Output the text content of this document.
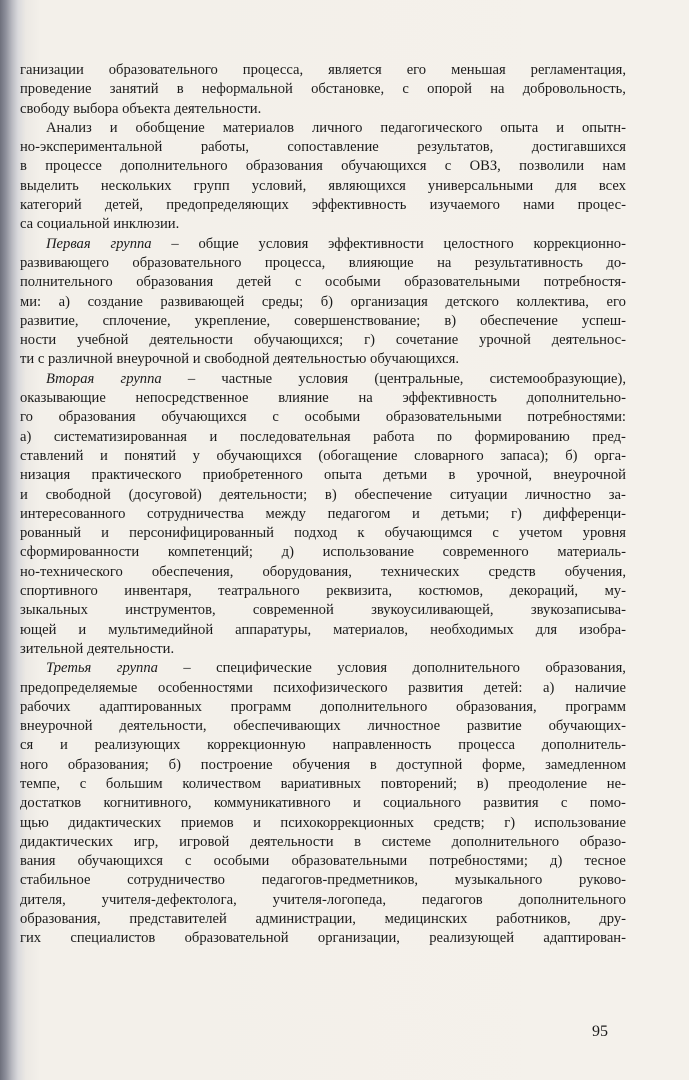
ганизации образовательного процесса, является его меньшая регламентация,
проведение занятий в неформальной обстановке, с опорой на добровольность,
свободу выбора объекта деятельности.
Анализ и обобщение материалов личного педагогического опыта и опытн-
но-экспериментальной	работы,	сопоставление	результатов,	достигавшихся
в процессе дополнительного образования обучающихся с ОВЗ, позволили нам
выделить нескольких групп условий, являющихся универсальными для всех
категорий детей, предопределяющих эффективность изучаемого нами процес-
са социальной инклюзии.
Первая группа – общие условия эффективности целостного коррекционно-
развивающего образовательного процесса, влияющие на результативность до-
полнительного образования детей с особыми образовательными потребностя-
ми: а) создание развивающей среды; б) организация детского коллектива, его
развитие, сплочение, укрепление, совершенствование; в) обеспечение успеш-
ности учебной деятельности обучающихся; г) сочетание урочной деятельнос-
ти с различной внеурочной и свободной деятельностью обучающихся.
Вторая группа – частные условия (центральные, системообразующие),
оказывающие непосредственное влияние на эффективность дополнительно-
го образования обучающихся с особыми образовательными потребностями:
а) систематизированная и последовательная работа по формированию пред-
ставлений и понятий у обучающихся (обогащение словарного запаса); б) орга-
низация практического приобретенного опыта детьми в урочной, внеурочной
и свободной (досуговой) деятельности; в) обеспечение ситуации личностно за-
интересованного сотрудничества между педагогом и детьми; г) дифференци-
рованный и персонифицированный подход к обучающимся с учетом уровня
сформированности компетенций; д) использование современного материаль-
но-технического обеспечения, оборудования, технических средств обучения,
спортивного инвентаря, театрального реквизита, костюмов, декораций, му-
зыкальных	инструментов,	современной	звукоусиливающей,	звукозаписыва-
ющей и мультимедийной аппаратуры, материалов, необходимых для изобра-
зительной деятельности.
Третья группа – специфические условия дополнительного образования,
предопределяемые особенностями психофизического развития детей: а) наличие
рабочих адаптированных программ дополнительного образования, программ
внеурочной деятельности, обеспечивающих личностное развитие обучающих-
ся и реализующих коррекционную направленность процесса дополнитель-
ного образования; б) построение обучения в доступной форме, замедленном
темпе, с большим количеством вариативных повторений; в) преодоление не-
достатков когнитивного, коммуникативного и социального развития с помо-
щью дидактических приемов и психокоррекционных средств; г) использование
дидактических игр, игровой деятельности в системе дополнительного образо-
вания обучающихся с особыми образовательными потребностями; д) тесное
стабильное	сотрудничество	педагогов-предметников,	музыкального	руково-
дителя, учителя-дефектолога, учителя-логопеда, педагогов дополнительного
образования, представителей администрации, медицинских работников, дру-
гих специалистов образовательной организации, реализующей адаптирован-
95
